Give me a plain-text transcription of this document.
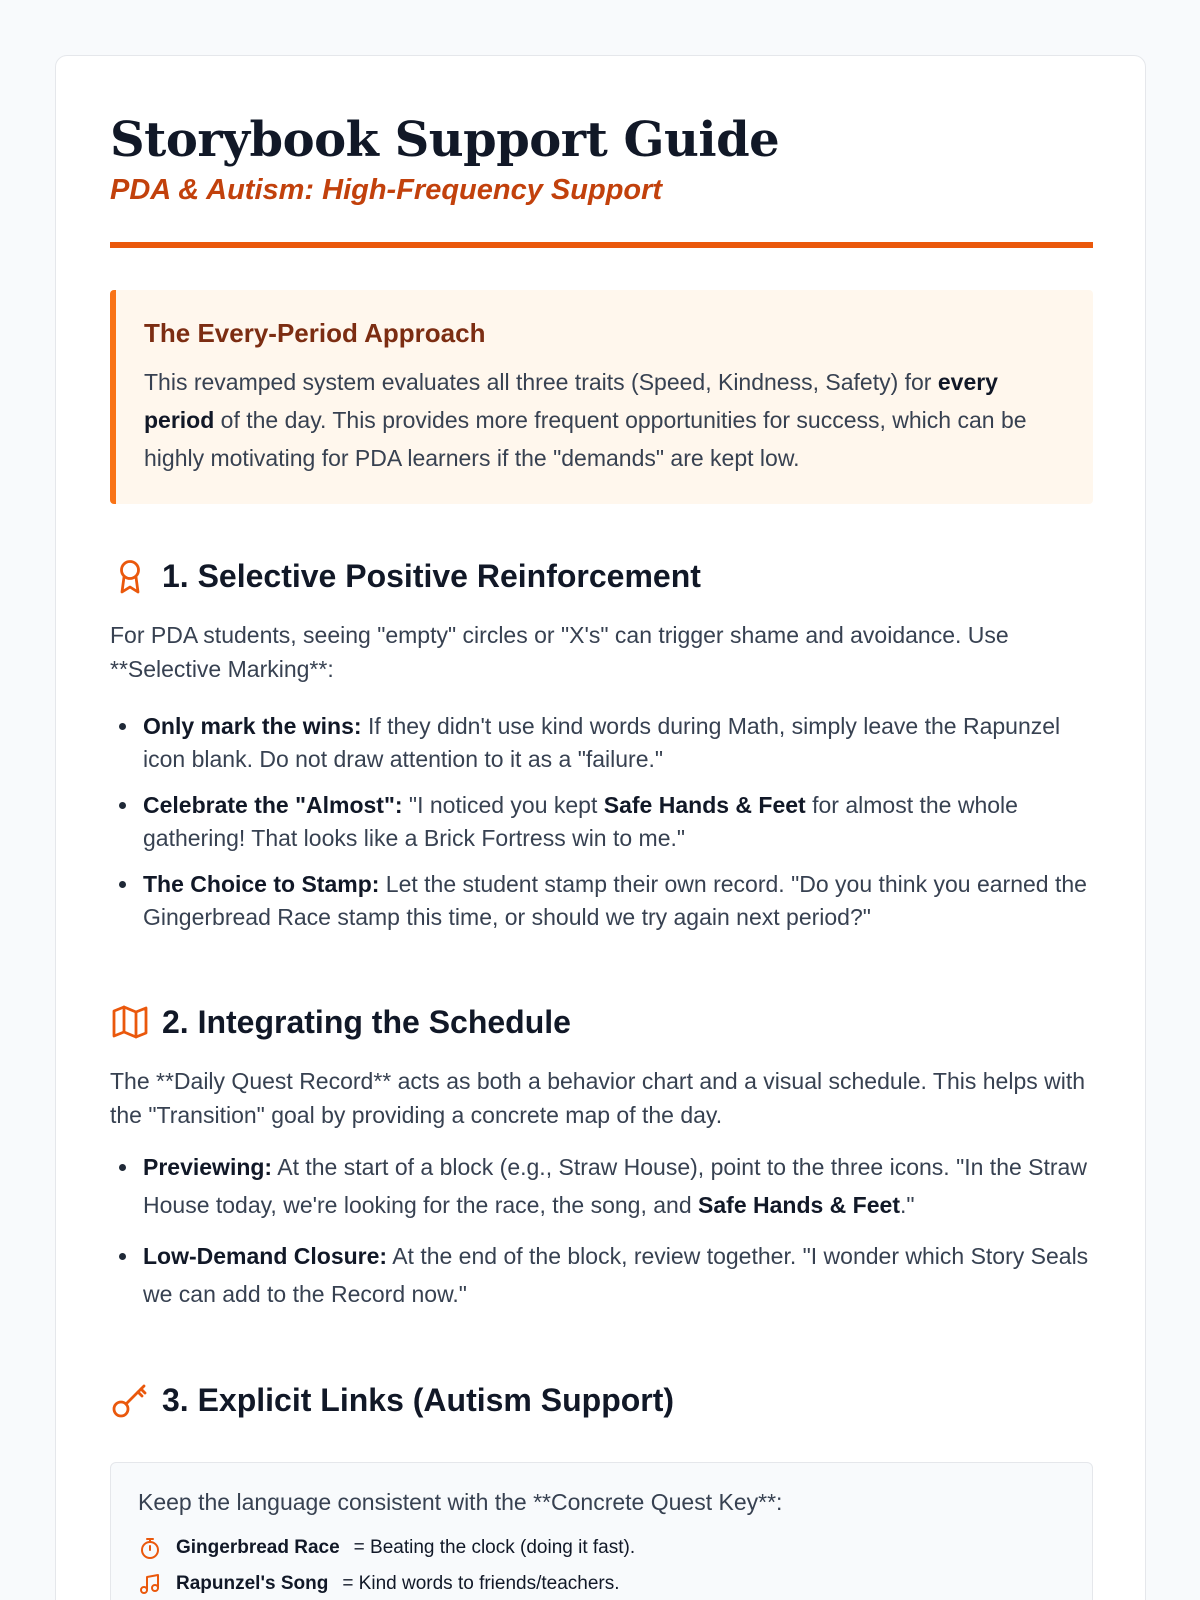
Storybook Support Guide
PDA & Autism: High-Frequency Support
The Every-Period Approach

This revamped system evaluates all three traits (Speed, Kindness, Safety) for every period of the day. This provides more frequent opportunities for success, which can be highly motivating for PDA learners if the "demands" are kept low.

1. Selective Positive Reinforcement

For PDA students, seeing "empty" circles or "X's" can trigger shame and avoidance. Use **Selective Marking**:

Only mark the wins: If they didn't use kind words during Math, simply leave the Rapunzel icon blank. Do not draw attention to it as a "failure."
Celebrate the "Almost": "I noticed you kept Safe Hands & Feet for almost the whole gathering! That looks like a Brick Fortress win to me."
The Choice to Stamp: Let the student stamp their own record. "Do you think you earned the Gingerbread Race stamp this time, or should we try again next period?"
2. Integrating the Schedule

The **Daily Quest Record** acts as both a behavior chart and a visual schedule. This helps with the "Transition" goal by providing a concrete map of the day.

Previewing: At the start of a block (e.g., Straw House), point to the three icons. "In the Straw House today, we're looking for the race, the song, and Safe Hands & Feet."
Low-Demand Closure: At the end of the block, review together. "I wonder which Story Seals we can add to the Record now."
3. Explicit Links (Autism Support)
Keep the language consistent with the **Concrete Quest Key**:
Gingerbread Race = Beating the clock (doing it fast).
Rapunzel's Song = Kind words to friends/teachers.
